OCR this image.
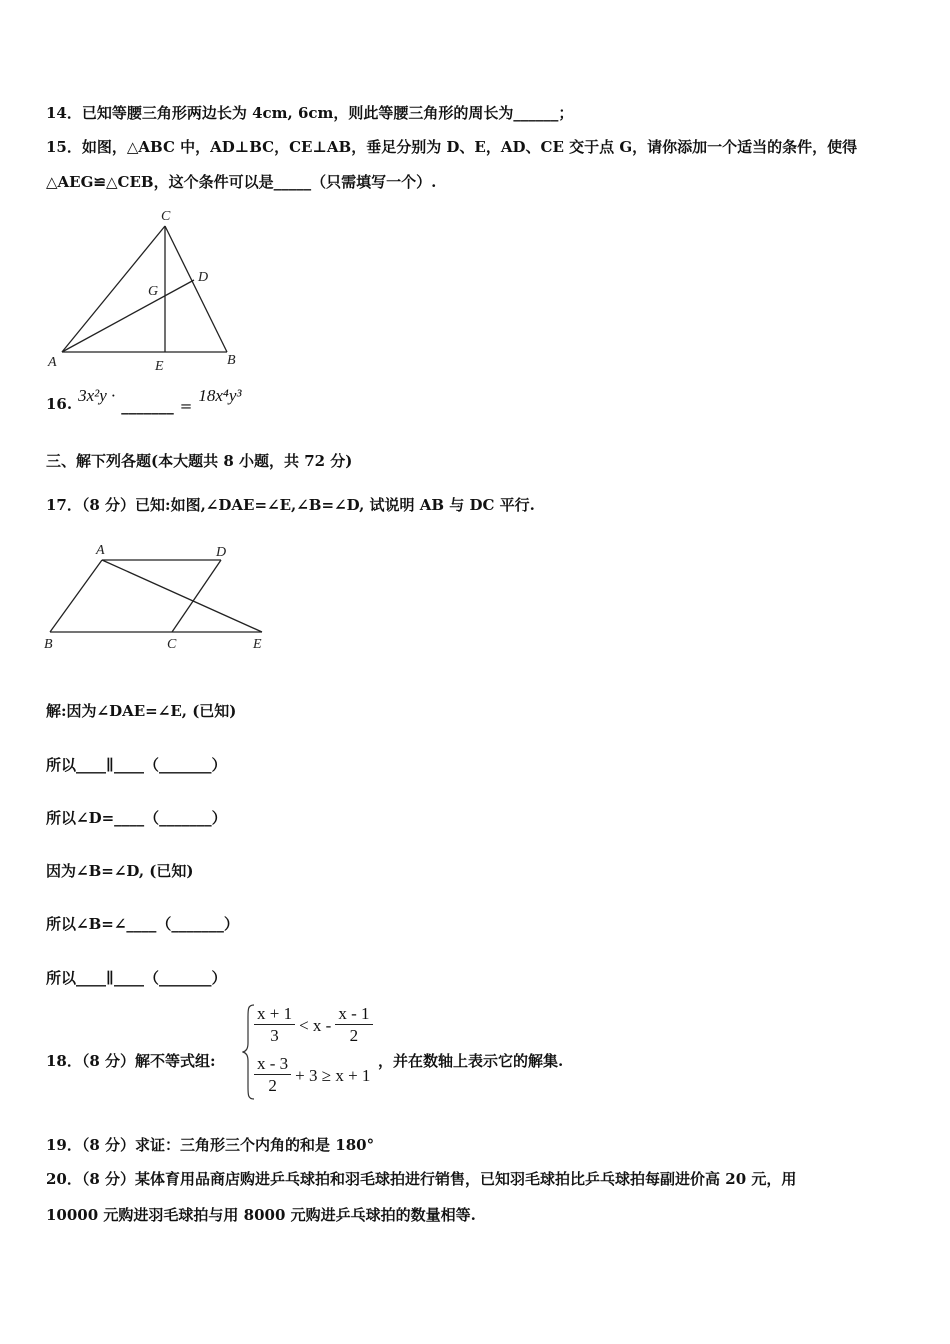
14．已知等腰三角形两边长为 4cm, 6cm，则此等腰三角形的周长为______；
15．如图，△ABC 中，AD⊥BC，CE⊥AB，垂足分别为 D、E，AD、CE 交于点 G，请你添加一个适当的条件，使得
△AEG≌△CEB，这个条件可以是_____（只需填写一个）.
C
D
G
A	E	B
16. 3x²y ·
_______ =
18x⁴y³
三、解下列各题(本大题共 8 小题，共 72 分)
17．（8 分）已知:如图,∠DAE=∠E,∠B=∠D, 试说明 AB 与 DC 平行.
A	D
B	C	E
解:因为∠DAE=∠E, (已知)
所以____∥____（_______）
所以∠D=____（_______）
因为∠B=∠D, (已知)
所以∠B=∠____（_______）
所以____∥____（_______）
18．（8 分）解不等式组:
$\frac{x + 1}{3} < x - \frac{x - 1}{2}$
$\frac{x - 3}{2} + 3 \ge x + 1$
，并在数轴上表示它的解集.
19．（8 分）求证：三角形三个内角的和是 180°
20．（8 分）某体育用品商店购进乒乓球拍和羽毛球拍进行销售，已知羽毛球拍比乒乓球拍每副进价高 20 元，用
10000 元购进羽毛球拍与用 8000 元购进乒乓球拍的数量相等.
